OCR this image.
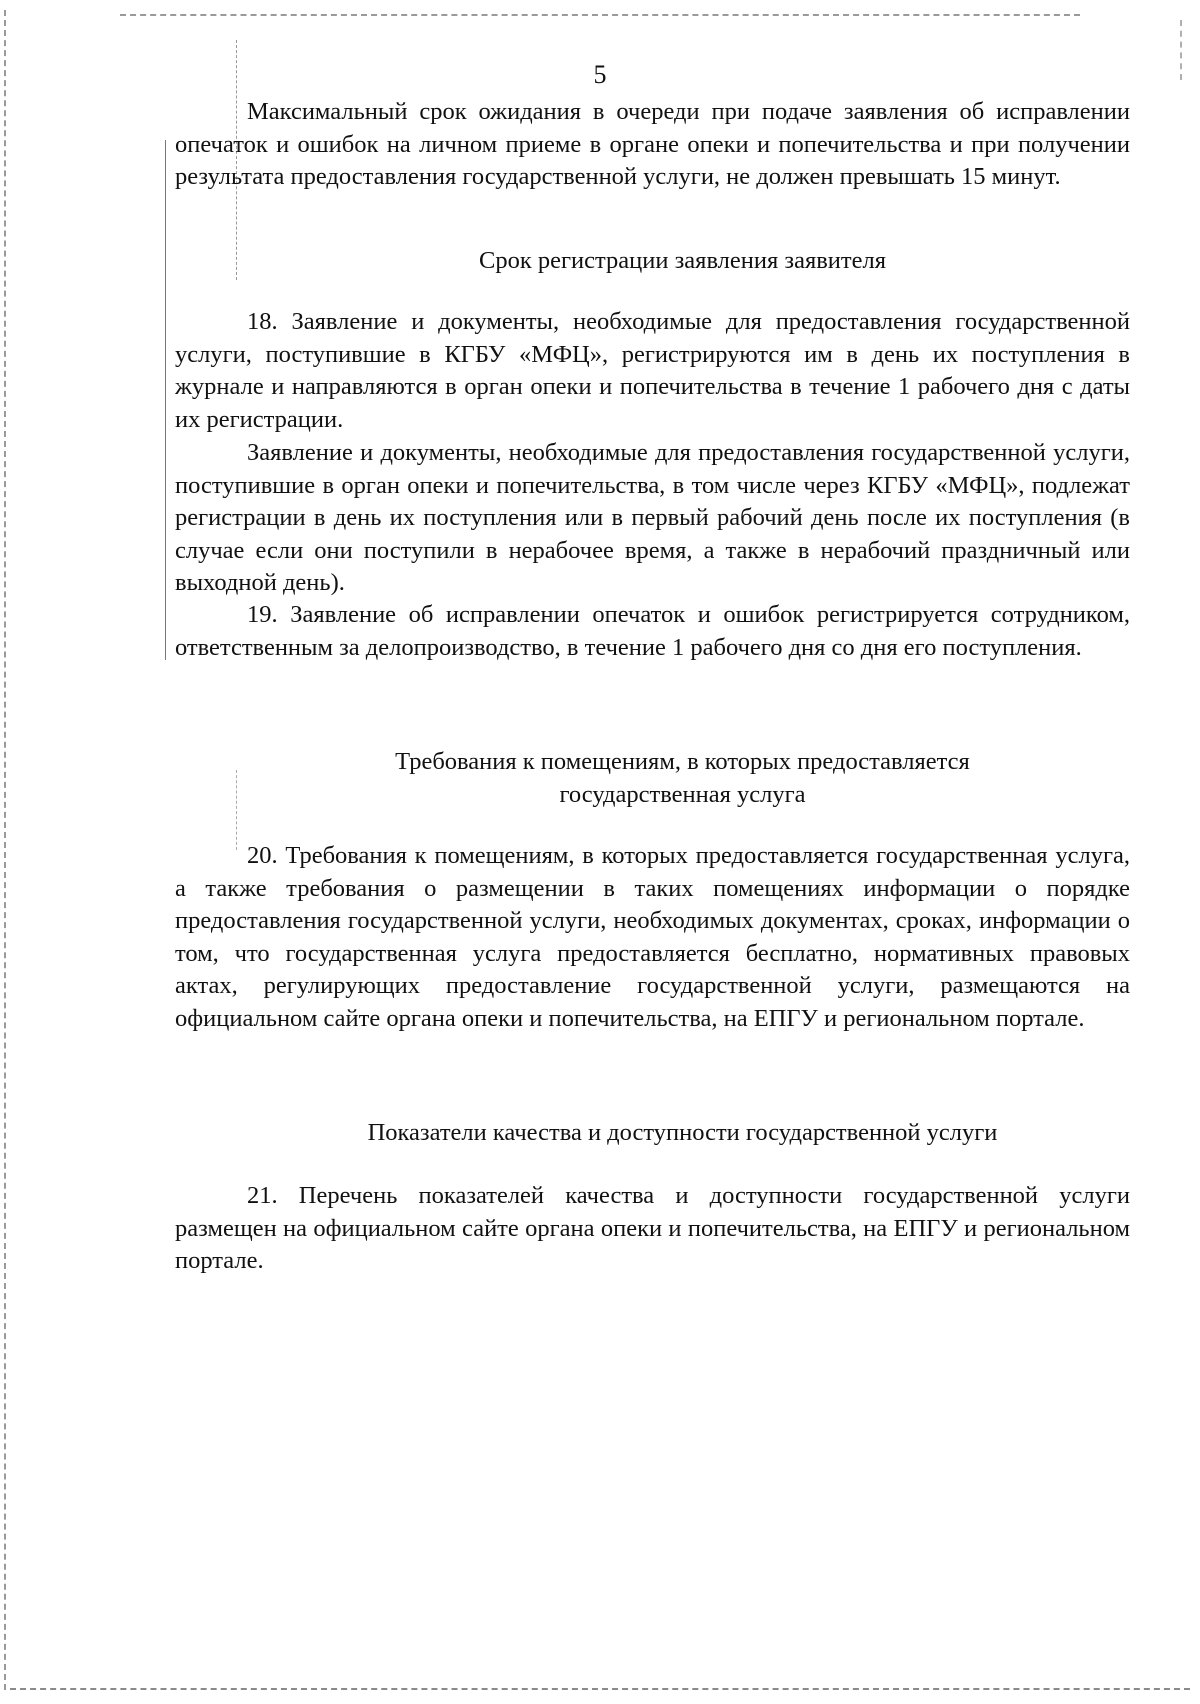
5

Максимальный срок ожидания в очереди при подаче заявления об исправлении опечаток и ошибок на личном приеме в органе опеки и попечительства и при получении результата предоставления государственной услуги, не должен превышать 15 минут.

Срок регистрации заявления заявителя

18. Заявление и документы, необходимые для предоставления государственной услуги, поступившие в КГБУ «МФЦ», регистрируются им в день их поступления в журнале и направляются в орган опеки и попечительства в течение 1 рабочего дня с даты их регистрации.

Заявление и документы, необходимые для предоставления государственной услуги, поступившие в орган опеки и попечительства, в том числе через КГБУ «МФЦ», подлежат регистрации в день их поступления или в первый рабочий день после их поступления (в случае если они поступили в нерабочее время, а также в нерабочий праздничный или выходной день).

19. Заявление об исправлении опечаток и ошибок регистрируется сотрудником, ответственным за делопроизводство, в течение 1 рабочего дня со дня его поступления.

Требования к помещениям, в которых предоставляется

государственная услуга

20. Требования к помещениям, в которых предоставляется государственная услуга, а также требования о размещении в таких помещениях информации о порядке предоставления государственной услуги, необходимых документах, сроках, информации о том, что государственная услуга предоставляется бесплатно, нормативных правовых актах, регулирующих предоставление государственной услуги, размещаются на официальном сайте органа опеки и попечительства, на ЕПГУ и региональном портале.

Показатели качества и доступности государственной услуги

21. Перечень показателей качества и доступности государственной услуги размещен на официальном сайте органа опеки и попечительства, на ЕПГУ и региональном портале.
